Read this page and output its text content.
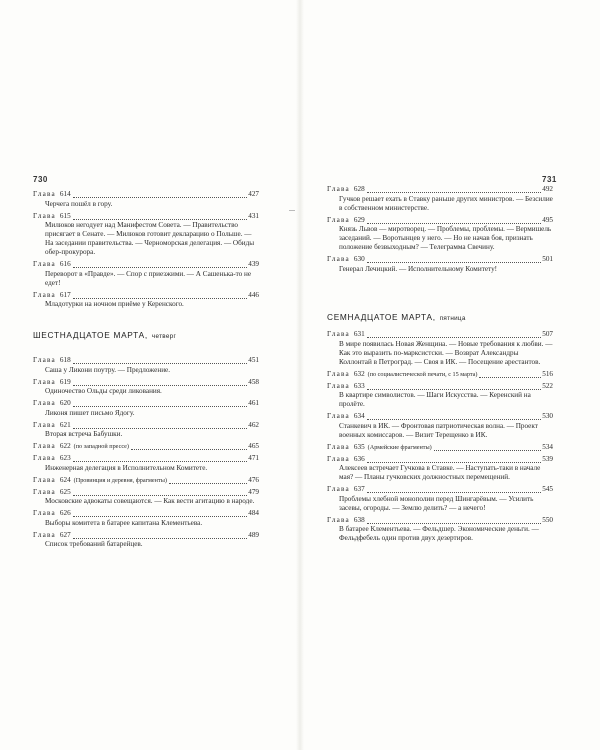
730
Глава 614	427
Черчега пошёл в гору.
Глава 615	431
Милюков негодует над Манифестом Совета. — Правительство присягает в Сенате. — Милюков готовит декларацию о Польше. — На заседании правительства. — Черноморская делегация. — Обиды обер-прокурора.
Глава 616	439
Переворот в «Правде». — Спор с приезжими. — А Сашенька-то не едет!
Глава 617	446
Младотурки на ночном приёме у Керенского.
ШЕСТНАДЦАТОЕ МАРТА, четверг
Глава 618	451
Саша у Ликони поутру. — Предложение.
Глава 619	458
Одиночество Ольды среди ликования.
Глава 620	461
Ликоня пишет письмо Ядогу.
Глава 621	462
Вторая встреча Бабушки.
Глава 622 (по западной прессе)	465
Глава 623	471
Инженерная делегация в Исполнительном Комитете.
Глава 624 (Провинция и деревня, фрагменты)	476
Глава 625	479
Московские адвокаты совещаются. — Как вести агитацию в народе.
Глава 626	484
Выборы комитета в батарее капитана Клементьева.
Глава 627	489
Список требований батарейцев.
731
Глава 628	492
Гучков решает ехать в Ставку раньше других министров. — Безсилие в собственном министерстве.
Глава 629	495
Князь Львов — миротворец. — Проблемы, проблемы. — Вермишель заседаний. — Воротынцев у него. — Но не начав боя, признать положение безвыходным? — Телеграмма Свечину.
Глава 630	501
Генерал Лечицкий. — Исполнительному Комитету!
СЕМНАДЦАТОЕ МАРТА, пятница
Глава 631	507
В мире появилась Новая Женщина. — Новые требования к любви. — Как это выразить по-марксистски. — Возврат Александры Коллонтай в Петроград. — Своя в ИК. — Посещение арестантов.
Глава 632 (по социалистической печати, с 15 марта)	516
Глава 633	522
В квартире символистов. — Шаги Искусства. — Керенский на пролёте.
Глава 634	530
Станкевич в ИК. — Фронтовая патриотическая волна. — Проект военных комиссаров. — Визит Терещенко в ИК.
Глава 635 (Армейские фрагменты)	534
Глава 636	539
Алексеев встречает Гучкова в Ставке. — Наступать-таки в начале мая? — Планы гучковских должностных перемещений.
Глава 637	545
Проблемы хлебной монополии перед Шингарёвым. — Усилить засевы, огороды. — Землю делить? — а нечего!
Глава 638	550
В батарее Клементьева. — Фельдшер. Экономические деньги. — Фельдфебель один против двух дезертиров.
